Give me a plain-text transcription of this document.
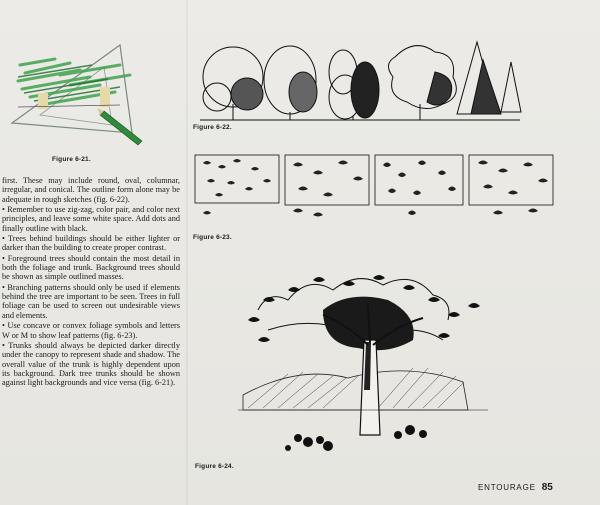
Figure 6-21.

first. These may include round, oval, columnar, irregular, and conical. The outline form alone may be adequate in rough sketches (fig. 6-22).

• Remember to use zig-zag, color pair, and color next principles, and leave some white space. Add dots and finally outline with black.

• Trees behind buildings should be either lighter or darker than the building to create proper contrast.

• Foreground trees should contain the most detail in both the foliage and trunk. Background trees should be shown as simple outlined masses.

• Branching patterns should only be used if elements behind the tree are important to be seen. Trees in full foliage can be used to screen out undesirable views and elements.

• Use concave or convex foliage symbols and letters W or M to show leaf patterns (fig. 6-23).

• Trunks should always be depicted darker directly under the canopy to represent shade and shadow. The overall value of the trunk is highly dependent upon its background. Dark tree trunks should be shown against light backgrounds and vice versa (fig. 6-21).

Figure 6-22.
Figure 6-23.
Figure 6-24.
ENTOURAGE 85
